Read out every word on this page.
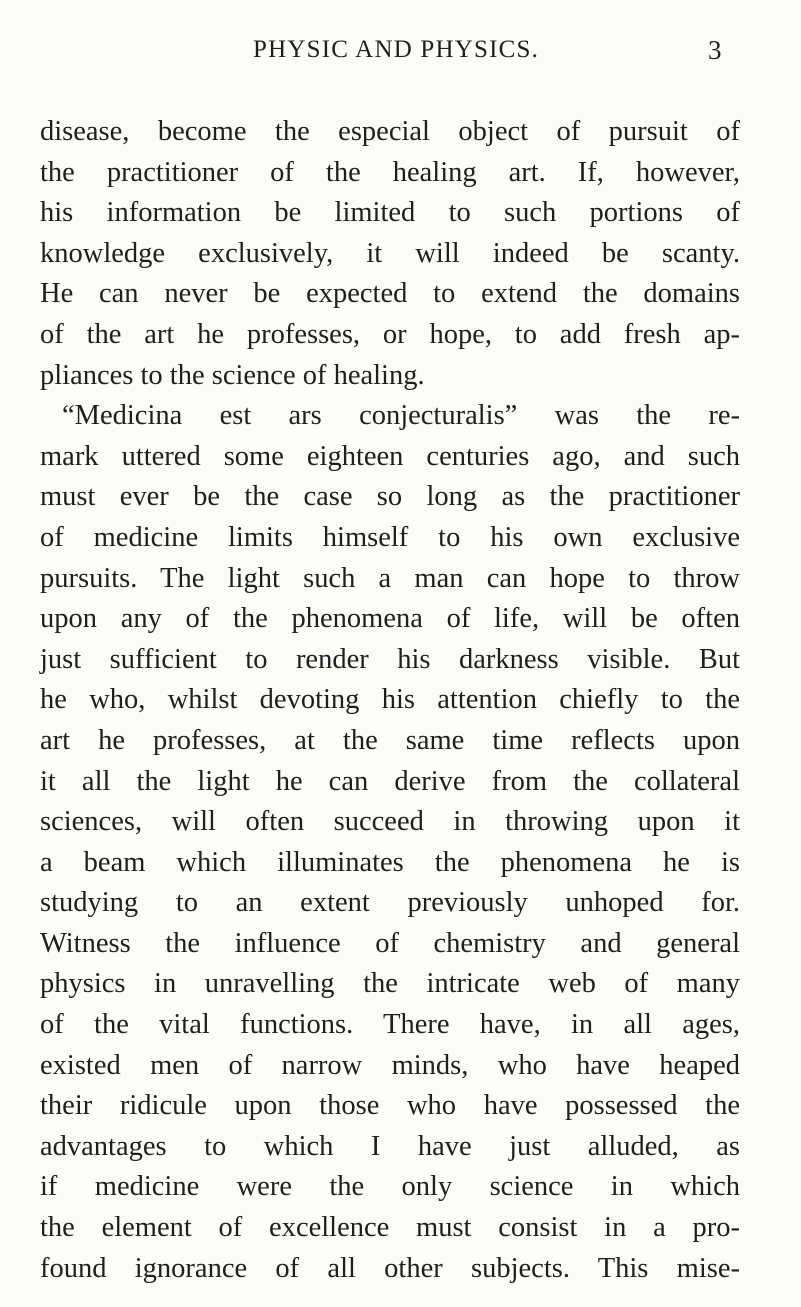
PHYSIC AND PHYSICS.	3
disease, become the especial object of pursuit of
the practitioner of the healing art. If, however,
his information be limited to such portions of
knowledge exclusively, it will indeed be scanty.
He can never be expected to extend the domains
of the art he professes, or hope, to add fresh ap-
pliances to the science of healing.
“Medicina est ars conjecturalis” was the re-
mark uttered some eighteen centuries ago, and such
must ever be the case so long as the practitioner
of medicine limits himself to his own exclusive
pursuits. The light such a man can hope to throw
upon any of the phenomena of life, will be often
just sufficient to render his darkness visible. But
he who, whilst devoting his attention chiefly to the
art he professes, at the same time reflects upon
it all the light he can derive from the collateral
sciences, will often succeed in throwing upon it
a beam which illuminates the phenomena he is
studying to an extent previously unhoped for.
Witness the influence of chemistry and general
physics in unravelling the intricate web of many
of the vital functions. There have, in all ages,
existed men of narrow minds, who have heaped
their ridicule upon those who have possessed the
advantages to which I have just alluded, as
if medicine were the only science in which
the element of excellence must consist in a pro-
found ignorance of all other subjects. This mise-
